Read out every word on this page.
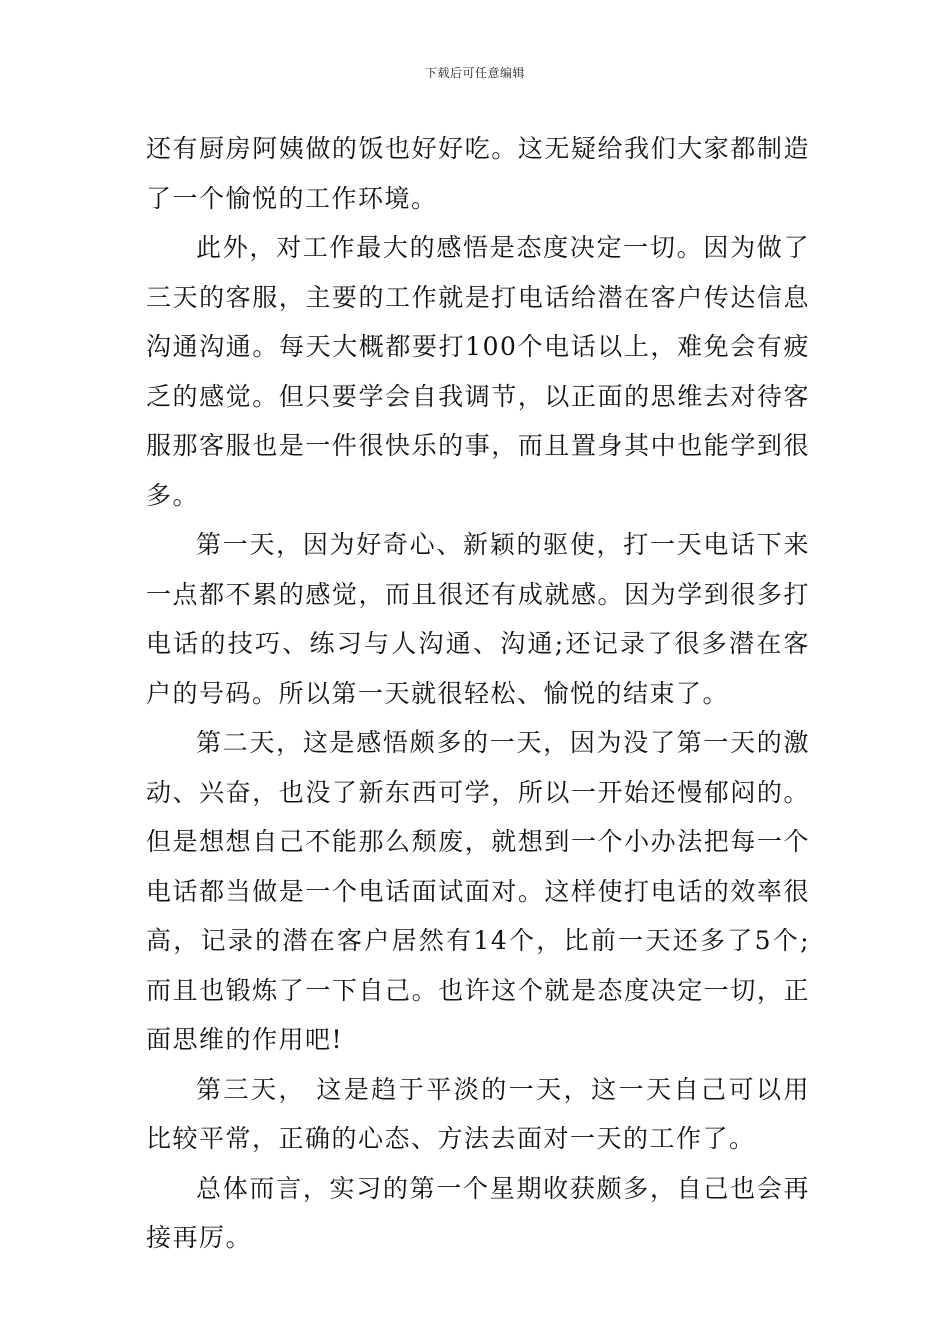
下载后可任意编辑

还有厨房阿姨做的饭也好好吃。这无疑给我们大家都制造了一个愉悦的工作环境。

此外，对工作最大的感悟是态度决定一切。因为做了三天的客服，主要的工作就是打电话给潜在客户传达信息沟通沟通。每天大概都要打100个电话以上，难免会有疲乏的感觉。但只要学会自我调节，以正面的思维去对待客服那客服也是一件很快乐的事，而且置身其中也能学到很多。

第一天，因为好奇心、新颖的驱使，打一天电话下来一点都不累的感觉，而且很还有成就感。因为学到很多打电话的技巧、练习与人沟通、沟通;还记录了很多潜在客户的号码。所以第一天就很轻松、愉悦的结束了。

第二天，这是感悟颇多的一天，因为没了第一天的激动、兴奋，也没了新东西可学，所以一开始还慢郁闷的。但是想想自己不能那么颓废，就想到一个小办法把每一个电话都当做是一个电话面试面对。这样使打电话的效率很高，记录的潜在客户居然有14个，比前一天还多了5个;而且也锻炼了一下自己。也许这个就是态度决定一切，正面思维的作用吧!

第三天， 这是趋于平淡的一天，这一天自己可以用比较平常，正确的心态、方法去面对一天的工作了。

总体而言，实习的第一个星期收获颇多，自己也会再接再厉。
